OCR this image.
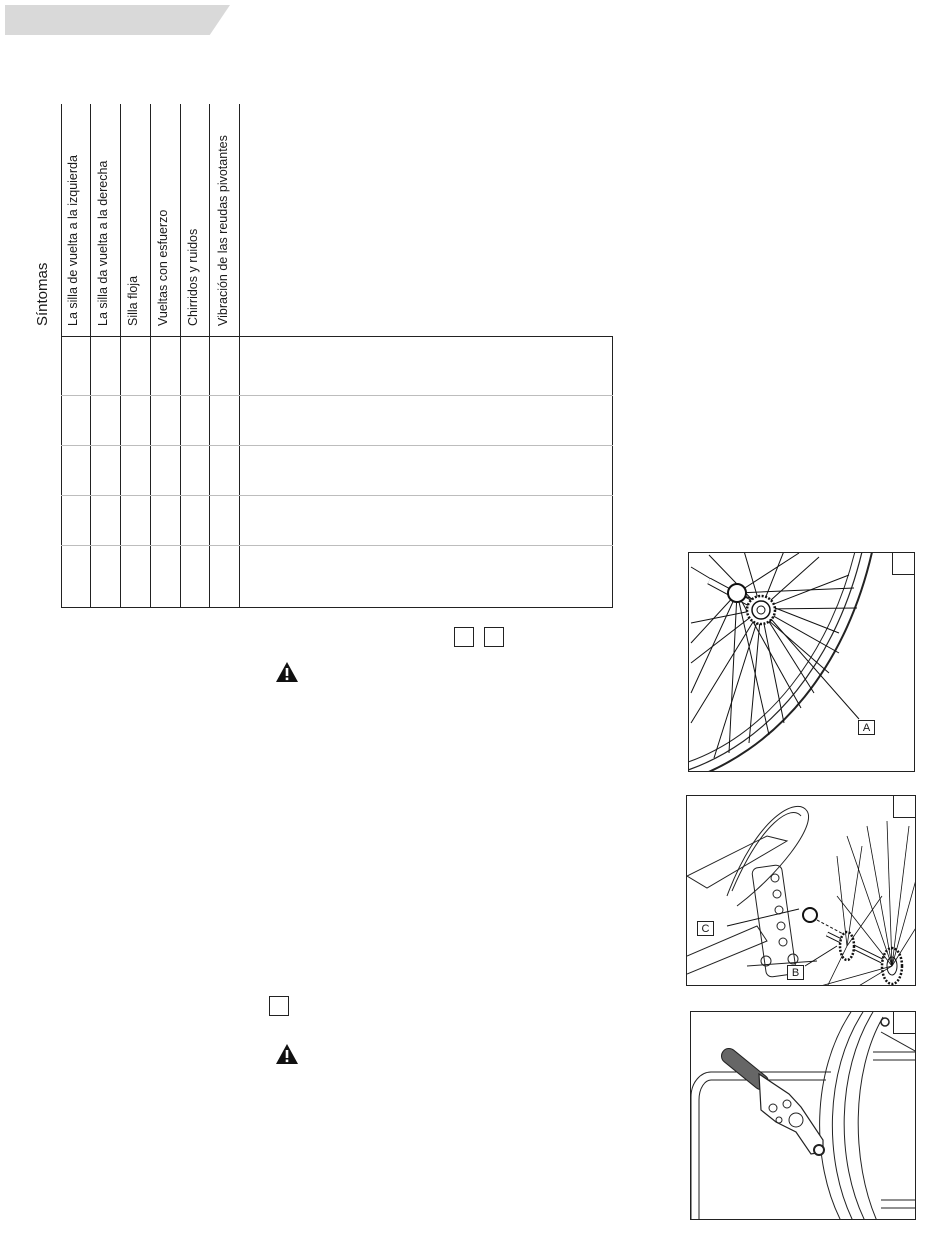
Síntomas La silla de vuelta a la izquierda La silla da vuelta a la derecha Silla floja Vueltas con esfuerzo Chirridos y ruidos Vibración de las reudas pivotantes
A
C
B
